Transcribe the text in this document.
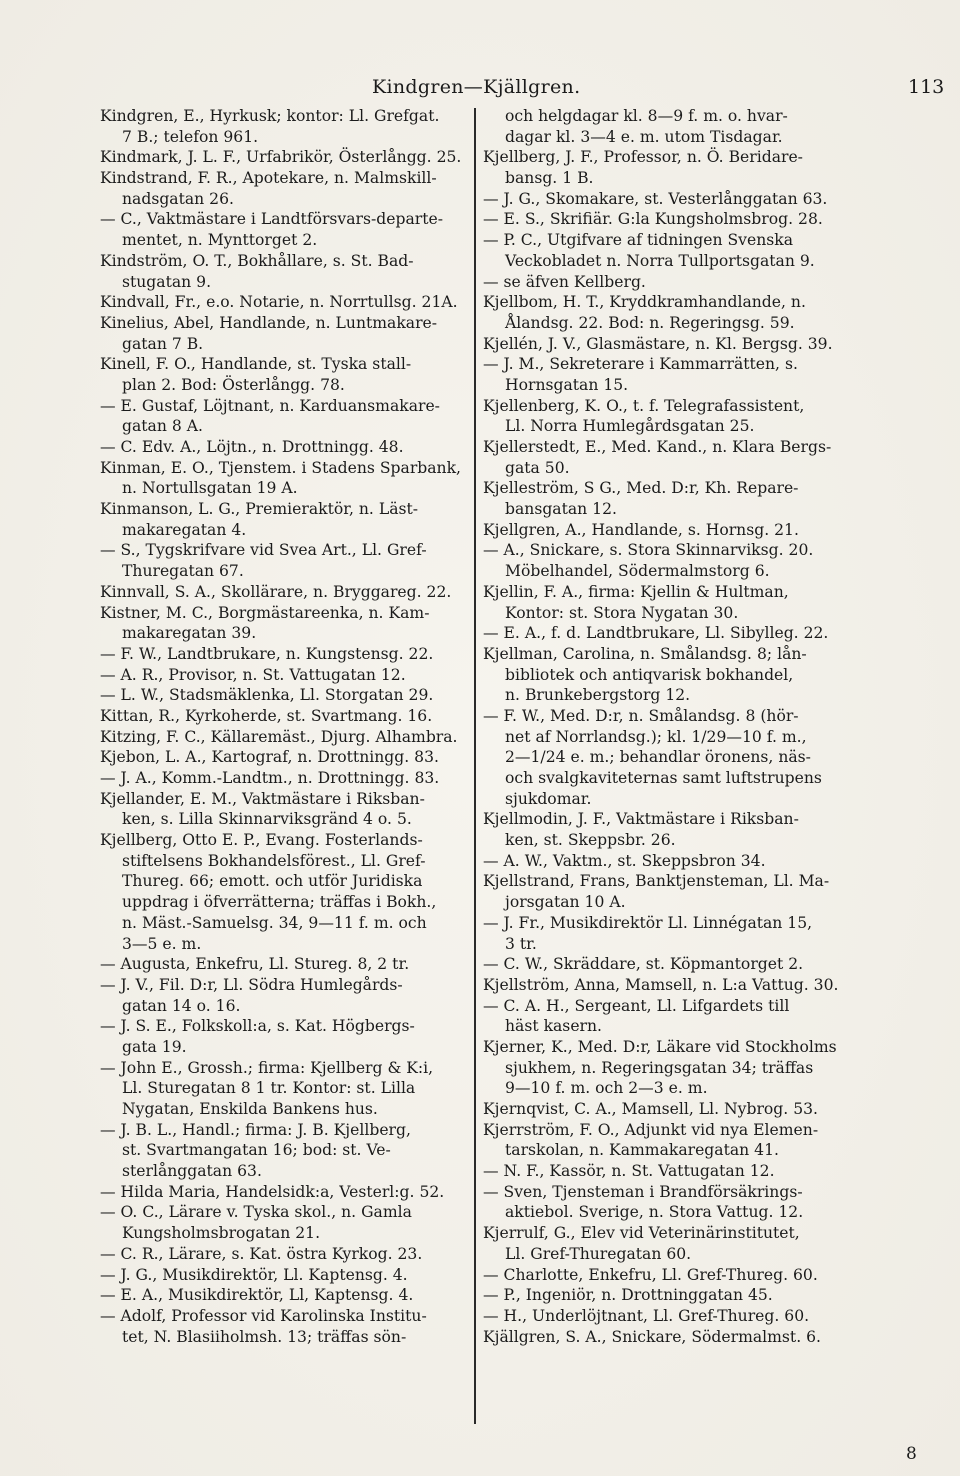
Kindgren—Kjällgren.	113
Kindgren, E., Hyrkusk; kontor: Ll. Grefgat.
7 B.; telefon 961.
Kindmark, J. L. F., Urfabrikör, Österlångg. 25.
Kindstrand, F. R., Apotekare, n. Malmskill-
nadsgatan 26.
— C., Vaktmästare i Landtförsvars-departe-
mentet, n. Mynttorget 2.
Kindström, O. T., Bokhållare, s. St. Bad-
stugatan 9.
Kindvall, Fr., e.o. Notarie, n. Norrtullsg. 21A.
Kinelius, Abel, Handlande, n. Luntmakare-
gatan 7 B.
Kinell, F. O., Handlande, st. Tyska stall-
plan 2. Bod: Österlångg. 78.
— E. Gustaf, Löjtnant, n. Karduansmakare-
gatan 8 A.
— C. Edv. A., Löjtn., n. Drottningg. 48.
Kinman, E. O., Tjenstem. i Stadens Sparbank,
n. Nortullsgatan 19 A.
Kinmanson, L. G., Premieraktör, n. Läst-
makaregatan 4.
— S., Tygskrifvare vid Svea Art., Ll. Gref-
Thuregatan 67.
Kinnvall, S. A., Skollärare, n. Bryggareg. 22.
Kistner, M. C., Borgmästareenka, n. Kam-
makaregatan 39.
— F. W., Landtbrukare, n. Kungstensg. 22.
— A. R., Provisor, n. St. Vattugatan 12.
— L. W., Stadsmäklenka, Ll. Storgatan 29.
Kittan, R., Kyrkoherde, st. Svartmang. 16.
Kitzing, F. C., Källaremäst., Djurg. Alhambra.
Kjebon, L. A., Kartograf, n. Drottningg. 83.
— J. A., Komm.-Landtm., n. Drottningg. 83.
Kjellander, E. M., Vaktmästare i Riksban-
ken, s. Lilla Skinnarviksgränd 4 o. 5.
Kjellberg, Otto E. P., Evang. Fosterlands-
stiftelsens Bokhandelsförest., Ll. Gref-
Thureg. 66; emott. och utför Juridiska
uppdrag i öfverrätterna; träffas i Bokh.,
n. Mäst.-Samuelsg. 34, 9—11 f. m. och
3—5 e. m.
— Augusta, Enkefru, Ll. Stureg. 8, 2 tr.
— J. V., Fil. D:r, Ll. Södra Humlegårds-
gatan 14 o. 16.
— J. S. E., Folkskoll:a, s. Kat. Högbergs-
gata 19.
— John E., Grossh.; firma: Kjellberg & K:i,
Ll. Sturegatan 8 1 tr. Kontor: st. Lilla
Nygatan, Enskilda Bankens hus.
— J. B. L., Handl.; firma: J. B. Kjellberg,
st. Svartmangatan 16; bod: st. Ve-
sterlånggatan 63.
— Hilda Maria, Handelsidk:a, Vesterl:g. 52.
— O. C., Lärare v. Tyska skol., n. Gamla
Kungsholmsbrogatan 21.
— C. R., Lärare, s. Kat. östra Kyrkog. 23.
— J. G., Musikdirektör, Ll. Kaptensg. 4.
— E. A., Musikdirektör, Ll, Kaptensg. 4.
— Adolf, Professor vid Karolinska Institu-
tet, N. Blasiiholmsh. 13; träffas sön-
och helgdagar kl. 8—9 f. m. o. hvar-
dagar kl. 3—4 e. m. utom Tisdagar.
Kjellberg, J. F., Professor, n. Ö. Beridare-
bansg. 1 B.
— J. G., Skomakare, st. Vesterlånggatan 63.
— E. S., Skrifiär. G:la Kungsholmsbrog. 28.
— P. C., Utgifvare af tidningen Svenska
Veckobladet n. Norra Tullportsgatan 9.
— se äfven Kellberg.
Kjellbom, H. T., Kryddkramhandlande, n.
Ålandsg. 22. Bod: n. Regeringsg. 59.
Kjellén, J. V., Glasmästare, n. Kl. Bergsg. 39.
— J. M., Sekreterare i Kammarrätten, s.
Hornsgatan 15.
Kjellenberg, K. O., t. f. Telegrafassistent,
Ll. Norra Humlegårdsgatan 25.
Kjellerstedt, E., Med. Kand., n. Klara Bergs-
gata 50.
Kjelleström, S G., Med. D:r, Kh. Repare-
bansgatan 12.
Kjellgren, A., Handlande, s. Hornsg. 21.
— A., Snickare, s. Stora Skinnarviksg. 20.
Möbelhandel, Södermalmstorg 6.
Kjellin, F. A., firma: Kjellin & Hultman,
Kontor: st. Stora Nygatan 30.
— E. A., f. d. Landtbrukare, Ll. Sibylleg. 22.
Kjellman, Carolina, n. Smålandsg. 8; lån-
bibliotek och antiqvarisk bokhandel,
n. Brunkebergstorg 12.
— F. W., Med. D:r, n. Smålandsg. 8 (hör-
net af Norrlandsg.); kl. 1/29—10 f. m.,
2—1/24 e. m.; behandlar öronens, näs-
och svalgkaviteternas samt luftstrupens
sjukdomar.
Kjellmodin, J. F., Vaktmästare i Riksban-
ken, st. Skeppsbr. 26.
— A. W., Vaktm., st. Skeppsbron 34.
Kjellstrand, Frans, Banktjensteman, Ll. Ma-
jorsgatan 10 A.
— J. Fr., Musikdirektör Ll. Linnégatan 15,
3 tr.
— C. W., Skräddare, st. Köpmantorget 2.
Kjellström, Anna, Mamsell, n. L:a Vattug. 30.
— C. A. H., Sergeant, Ll. Lifgardets till
häst kasern.
Kjerner, K., Med. D:r, Läkare vid Stockholms
sjukhem, n. Regeringsgatan 34; träffas
9—10 f. m. och 2—3 e. m.
Kjernqvist, C. A., Mamsell, Ll. Nybrog. 53.
Kjerrström, F. O., Adjunkt vid nya Elemen-
tarskolan, n. Kammakaregatan 41.
— N. F., Kassör, n. St. Vattugatan 12.
— Sven, Tjensteman i Brandförsäkrings-
aktiebol. Sverige, n. Stora Vattug. 12.
Kjerrulf, G., Elev vid Veterinärinstitutet,
Ll. Gref-Thuregatan 60.
— Charlotte, Enkefru, Ll. Gref-Thureg. 60.
— P., Ingeniör, n. Drottninggatan 45.
— H., Underlöjtnant, Ll. Gref-Thureg. 60.
Kjällgren, S. A., Snickare, Södermalmst. 6.
8
